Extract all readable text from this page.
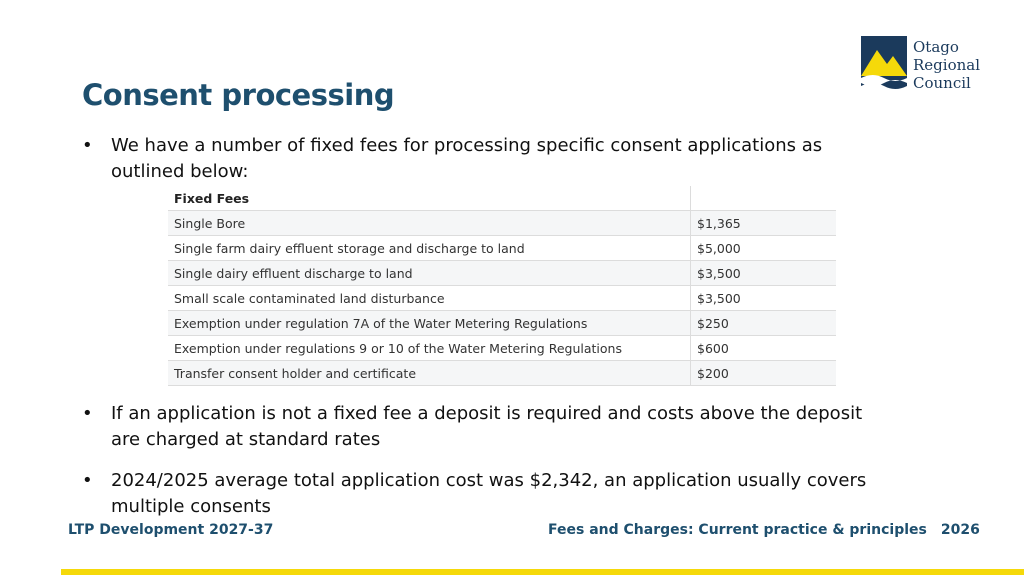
Otago
Regional
Council
Consent processing
• We have a number of fixed fees for processing specific consent applications as outlined below:
Fixed Fees	
Single Bore	$1,365
Single farm dairy effluent storage and discharge to land	$5,000
Single dairy effluent discharge to land	$3,500
Small scale contaminated land disturbance	$3,500
Exemption under regulation 7A of the Water Metering Regulations	$250
Exemption under regulations 9 or 10 of the Water Metering Regulations	$600
Transfer consent holder and certificate	$200
• If an application is not a fixed fee a deposit is required and costs above the deposit are charged at standard rates
• 2024/2025 average total application cost was $2,342, an application usually covers multiple consents
LTP Development 2027-37	Fees and Charges: Current practice & principles 2026
